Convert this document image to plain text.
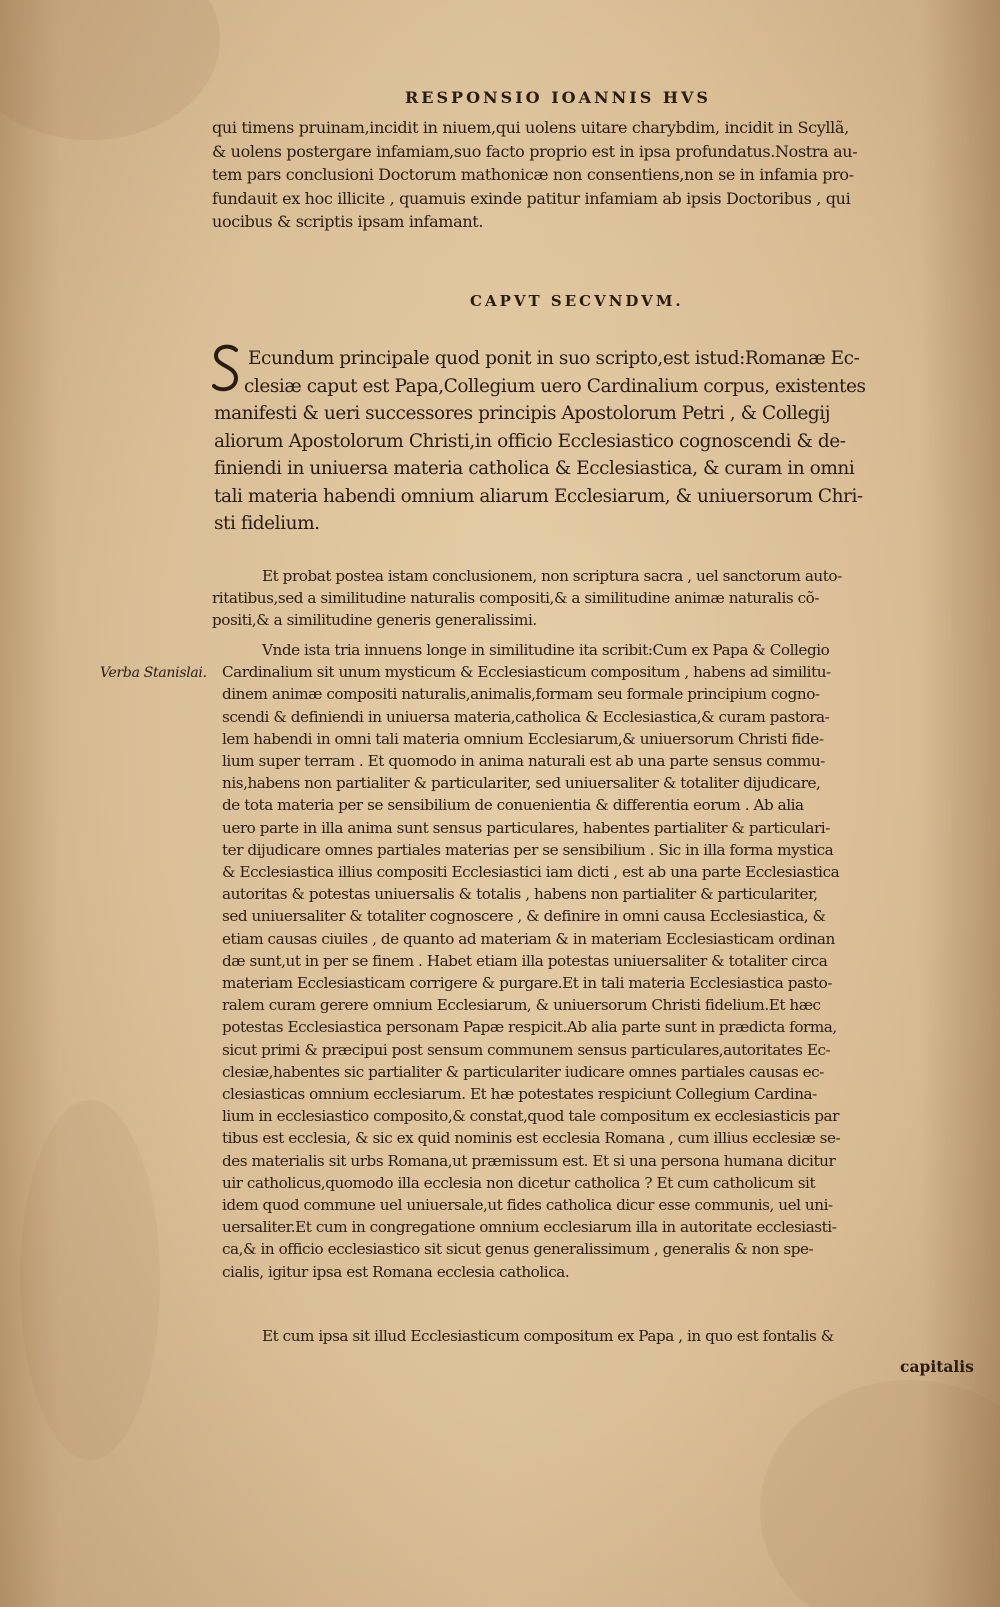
RESPONSIO IOANNIS HVS
qui timens pruinam,incidit in niuem,qui uolens uitare charybdim, incidit in Scyllã,
& uolens postergare infamiam,suo facto proprio est in ipsa profundatus.Nostra au-
tem pars conclusioni Doctorum mathonicæ non consentiens,non se in infamia pro-
fundauit ex hoc illicite , quamuis exinde patitur infamiam ab ipsis Doctoribus , qui
uocibus & scriptis ipsam infamant.
CAPVT SECVNDVM.
Ecundum principale quod ponit in suo scripto,est istud:Romanæ Ec-
clesiæ caput est Papa,Collegium uero Cardinalium corpus, existentes
manifesti & ueri successores principis Apostolorum Petri , & Collegij
aliorum Apostolorum Christi,in officio Ecclesiastico cognoscendi & de-
finiendi in uniuersa materia catholica & Ecclesiastica, & curam in omni
tali materia habendi omnium aliarum Ecclesiarum, & uniuersorum Chri-
sti fidelium.
Et probat postea istam conclusionem, non scriptura sacra , uel sanctorum auto-
ritatibus,sed a similitudine naturalis compositi,& a similitudine animæ naturalis cõ-
positi,& a similitudine generis generalissimi.
Verba Stanislai.
Vnde ista tria innuens longe in similitudine ita scribit:Cum ex Papa & Collegio
Cardinalium sit unum mysticum & Ecclesiasticum compositum , habens ad similitu-
dinem animæ compositi naturalis,animalis,formam seu formale principium cogno-
scendi & definiendi in uniuersa materia,catholica & Ecclesiastica,& curam pastora-
lem habendi in omni tali materia omnium Ecclesiarum,& uniuersorum Christi fide-
lium super terram . Et quomodo in anima naturali est ab una parte sensus commu-
nis,habens non partialiter & particulariter, sed uniuersaliter & totaliter dijudicare,
de tota materia per se sensibilium de conuenientia & differentia eorum . Ab alia
uero parte in illa anima sunt sensus particulares, habentes partialiter & particulari-
ter dijudicare omnes partiales materias per se sensibilium . Sic in illa forma mystica
& Ecclesiastica illius compositi Ecclesiastici iam dicti , est ab una parte Ecclesiastica
autoritas & potestas uniuersalis & totalis , habens non partialiter & particulariter,
sed uniuersaliter & totaliter cognoscere , & definire in omni causa Ecclesiastica, &
etiam causas ciuiles , de quanto ad materiam & in materiam Ecclesiasticam ordinan
dæ sunt,ut in per se finem . Habet etiam illa potestas uniuersaliter & totaliter circa
materiam Ecclesiasticam corrigere & purgare.Et in tali materia Ecclesiastica pasto-
ralem curam gerere omnium Ecclesiarum, & uniuersorum Christi fidelium.Et hæc
potestas Ecclesiastica personam Papæ respicit.Ab alia parte sunt in prædicta forma,
sicut primi & præcipui post sensum communem sensus particulares,autoritates Ec-
clesiæ,habentes sic partialiter & particulariter iudicare omnes partiales causas ec-
clesiasticas omnium ecclesiarum. Et hæ potestates respiciunt Collegium Cardina-
lium in ecclesiastico composito,& constat,quod tale compositum ex ecclesiasticis par
tibus est ecclesia, & sic ex quid nominis est ecclesia Romana , cum illius ecclesiæ se-
des materialis sit urbs Romana,ut præmissum est. Et si una persona humana dicitur
uir catholicus,quomodo illa ecclesia non dicetur catholica ? Et cum catholicum sit
idem quod commune uel uniuersale,ut fides catholica dicur esse communis, uel uni-
uersaliter.Et cum in congregatione omnium ecclesiarum illa in autoritate ecclesiasti-
ca,& in officio ecclesiastico sit sicut genus generalissimum , generalis & non spe-
cialis, igitur ipsa est Romana ecclesia catholica.
Et cum ipsa sit illud Ecclesiasticum compositum ex Papa , in quo est fontalis &
capitalis
